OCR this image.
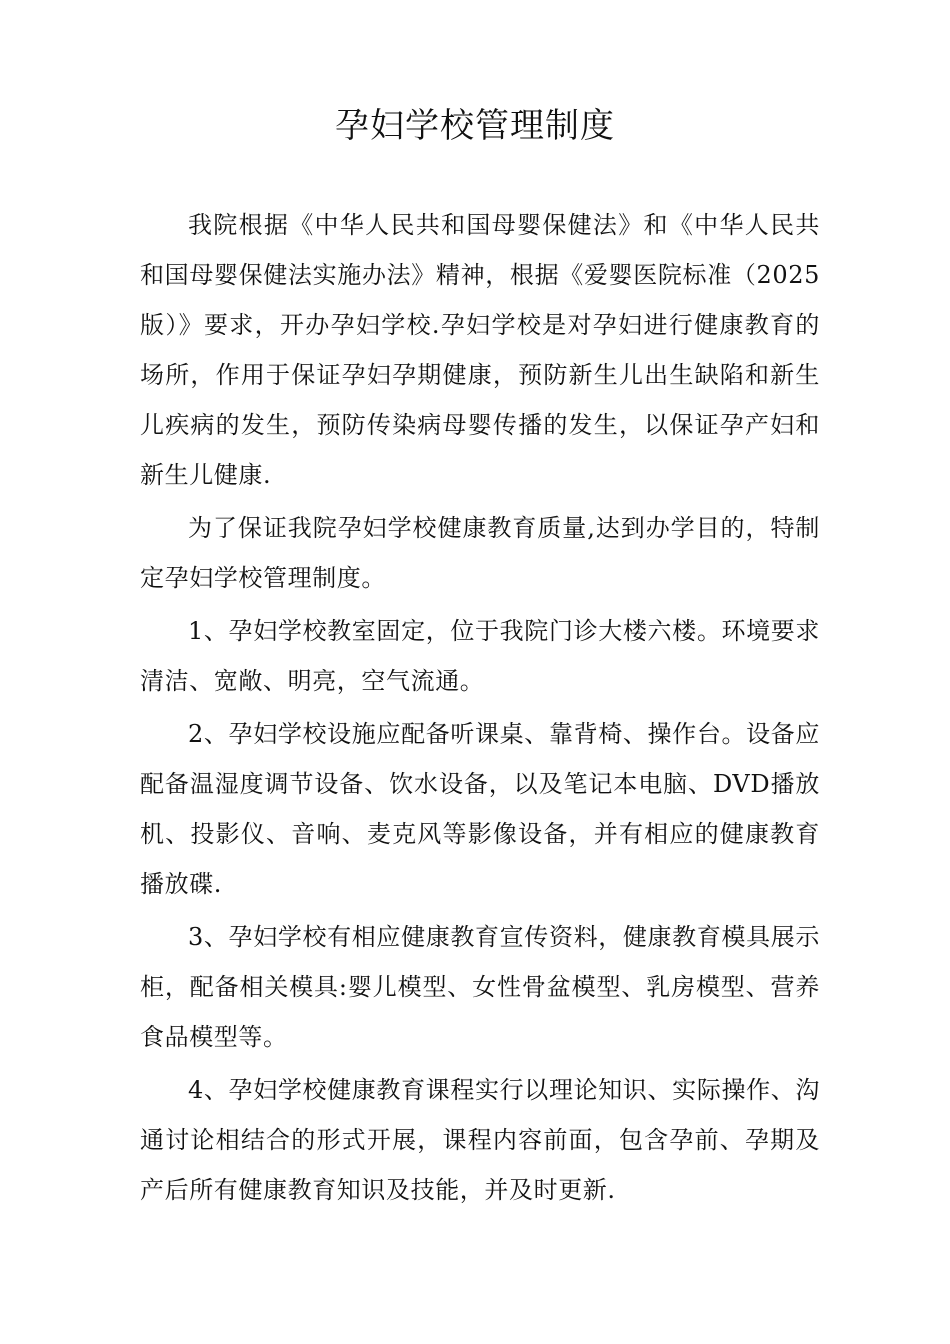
孕妇学校管理制度

我院根据《中华人民共和国母婴保健法》和《中华人民共和国母婴保健法实施办法》精神，根据《爱婴医院标准（2025版）》要求，开办孕妇学校.孕妇学校是对孕妇进行健康教育的场所，作用于保证孕妇孕期健康，预防新生儿出生缺陷和新生儿疾病的发生，预防传染病母婴传播的发生，以保证孕产妇和新生儿健康.

为了保证我院孕妇学校健康教育质量,达到办学目的，特制定孕妇学校管理制度。

1、孕妇学校教室固定，位于我院门诊大楼六楼。环境要求清洁、宽敞、明亮，空气流通。

2、孕妇学校设施应配备听课桌、靠背椅、操作台。设备应配备温湿度调节设备、饮水设备，以及笔记本电脑、DVD播放机、投影仪、音响、麦克风等影像设备，并有相应的健康教育播放碟.

3、孕妇学校有相应健康教育宣传资料，健康教育模具展示柜，配备相关模具:婴儿模型、女性骨盆模型、乳房模型、营养食品模型等。

4、孕妇学校健康教育课程实行以理论知识、实际操作、沟通讨论相结合的形式开展，课程内容前面，包含孕前、孕期及产后所有健康教育知识及技能，并及时更新.
